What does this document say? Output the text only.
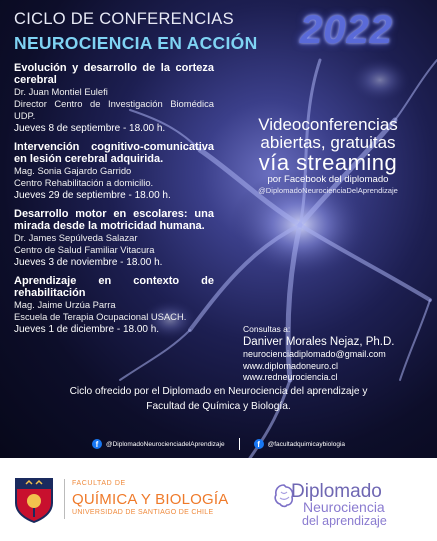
CICLO DE CONFERENCIAS
NEUROCIENCIA EN ACCIÓN 2022
Evolución y desarrollo de la corteza cerebral
Dr. Juan Montiel Eulefi
Director Centro de Investigación Biomédica UDP.
Jueves 8 de septiembre - 18.00 h.
Intervención cognitivo-comunicativa en lesión cerebral adquirida.
Mag. Sonia Gajardo Garrido
Centro Rehabilitación a domicilio.
Jueves 29 de septiembre - 18.00 h.
Desarrollo motor en escolares: una mirada desde la motricidad humana.
Dr. James Sepúlveda Salazar
Centro de Salud Familiar Vitacura
Jueves 3 de noviembre - 18.00 h.
Aprendizaje en contexto de rehabilitación
Mag. Jaime Urzúa Parra
Escuela de Terapia Ocupacional USACH.
Jueves 1 de diciembre - 18.00 h.
Videoconferencias
abiertas, gratuitas
vía streaming
por Facebook del diplomado
@DiplomadoNeurocienciaDelAprendizaje
Consultas a:
Daniver Morales Nejaz, Ph.D.
neurocienciadiplomado@gmail.com
www.diplomadoneuro.cl
www.redneurociencia.cl
Ciclo ofrecido por el Diplomado en Neurociencia del aprendizaje y
Facultad de Química y Biología.
f	@DiplomadoNeurocienciadelAprendizaje	f	@facultadquimicaybiologia
FACULTAD DE
QUÍMICA Y BIOLOGÍA
UNIVERSIDAD DE SANTIAGO DE CHILE
Diplomado
Neurociencia
del aprendizaje
